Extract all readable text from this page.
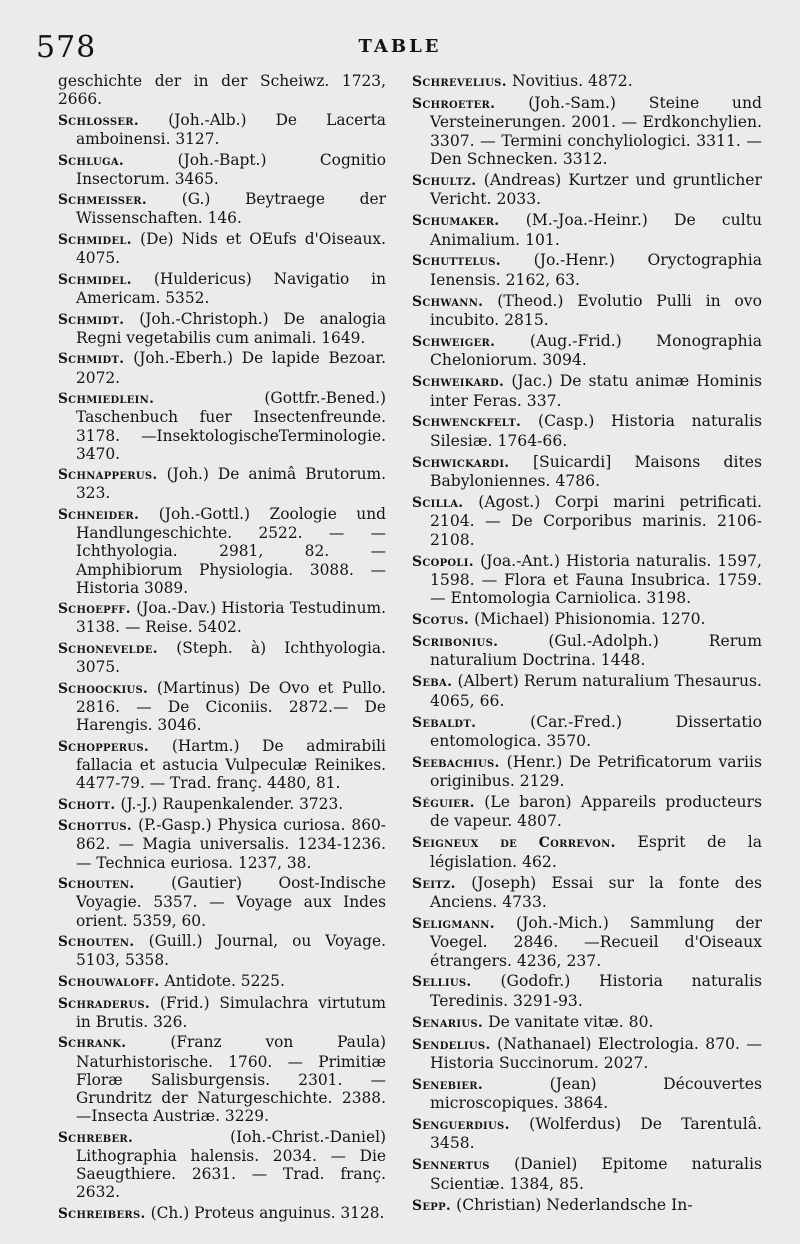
578	TABLE

geschichte der in der Scheiwz. 1723, 2666.

Schlosser. (Joh.-Alb.) De Lacerta amboinensi. 3127.

Schluga.	(Joh.-Bapt.) Cognitio Insectorum. 3465.

Schmeisser. (G.) Beytraege der Wissenschaften. 146.

Schmidel. (De) Nids et OEufs d'Oiseaux. 4075.

Schmidel. (Huldericus) Navigatio in Americam. 5352.

Schmidt. (Joh.-Christoph.) De analogia Regni vegetabilis cum animali. 1649.

Schmidt. (Joh.-Eberh.) De lapide Bezoar. 2072.

Schmiedlein.	(Gottfr.-Bened.) Taschenbuch fuer Insectenfreunde. 3178. —InsektologischeTerminologie. 3470.

Schnapperus. (Joh.) De animâ Brutorum. 323.

Schneider. (Joh.-Gottl.) Zoologie und Handlungeschichte. 2522. — — Ichthyologia. 2981, 82. — Amphibiorum Physiologia. 3088. —Historia 3089.

Schoepff. (Joa.-Dav.) Historia Testudinum. 3138. — Reise. 5402.

Schonevelde. (Steph. à) Ichthyologia. 3075.

Schoockius. (Martinus) De Ovo et Pullo. 2816. — De Ciconiis. 2872.— De Harengis. 3046.

Schopperus. (Hartm.) De admirabili fallacia et astucia Vulpeculæ Reinikes. 4477-79. — Trad. franç. 4480, 81.

Schott. (J.-J.) Raupenkalender. 3723.

Schottus. (P.-Gasp.) Physica curiosa. 860-862. — Magia universalis. 1234-1236. — Technica euriosa. 1237, 38.

Schouten. (Gautier) Oost-Indische Voyagie. 5357. — Voyage aux Indes orient. 5359, 60.

Schouten. (Guill.) Journal, ou Voyage. 5103, 5358.

Schouwaloff. Antidote. 5225.

Schraderus. (Frid.) Simulachra virtutum in Brutis. 326.

Schrank.	(Franz von Paula) Naturhistorische. 1760. — Primitiæ Floræ Salisburgensis. 2301. — Grundritz der Naturgeschichte. 2388. —Insecta Austriæ. 3229.

Schreber.	(Ioh.-Christ.-Daniel) Lithographia halensis. 2034. — Die Saeugthiere. 2631. — Trad. franç. 2632.

Schreibers. (Ch.) Proteus anguinus. 3128.

Schrevelius. Novitius. 4872.

Schroeter. (Joh.-Sam.) Steine und Versteinerungen. 2001. — Erdkonchylien. 3307. — Termini conchyliologici. 3311. —Den Schnecken. 3312.

Schultz. (Andreas) Kurtzer und gruntlicher Vericht. 2033.

Schumaker. (M.-Joa.-Heinr.) De cultu Animalium. 101.

Schuttelus. (Jo.-Henr.) Oryctographia Ienensis. 2162, 63.

Schwann. (Theod.) Evolutio Pulli in ovo incubito. 2815.

Schweiger. (Aug.-Frid.) Monographia Cheloniorum. 3094.

Schweikard. (Jac.) De statu animæ Hominis inter Feras. 337.

Schwenckfelt. (Casp.) Historia naturalis Silesiæ. 1764-66.

Schwickardi. [Suicardi] Maisons dites Babyloniennes. 4786.

Scilla. (Agost.) Corpi marini petrificati. 2104. — De Corporibus marinis. 2106-2108.

Scopoli. (Joa.-Ant.) Historia naturalis. 1597, 1598. — Flora et Fauna Insubrica. 1759. — Entomologia Carniolica. 3198.

Scotus. (Michael) Phisionomia. 1270.

Scribonius.	(Gul.-Adolph.) Rerum naturalium Doctrina. 1448.

Seba. (Albert) Rerum naturalium Thesaurus. 4065, 66.

Sebaldt.	(Car.-Fred.) Dissertatio entomologica. 3570.

Seebachius. (Henr.) De Petrificatorum variis originibus. 2129.

Séguier. (Le baron) Appareils producteurs de vapeur. 4807.

Seigneux de Correvon. Esprit de la législation. 462.

Seitz. (Joseph) Essai sur la fonte des Anciens. 4733.

Seligmann. (Joh.-Mich.) Sammlung der Voegel. 2846. —Recueil d'Oiseaux étrangers. 4236, 237.

Sellius. (Godofr.) Historia naturalis Teredinis. 3291-93.

Senarius. De vanitate vitæ. 80.

Sendelius. (Nathanael) Electrologia. 870. — Historia Succinorum. 2027.

Senebier.	(Jean) Découvertes microscopiques. 3864.

Senguerdius. (Wolferdus) De Tarentulâ. 3458.

Sennertus (Daniel) Epitome naturalis Scientiæ. 1384, 85.

Sepp. (Christian) Nederlandsche In-
